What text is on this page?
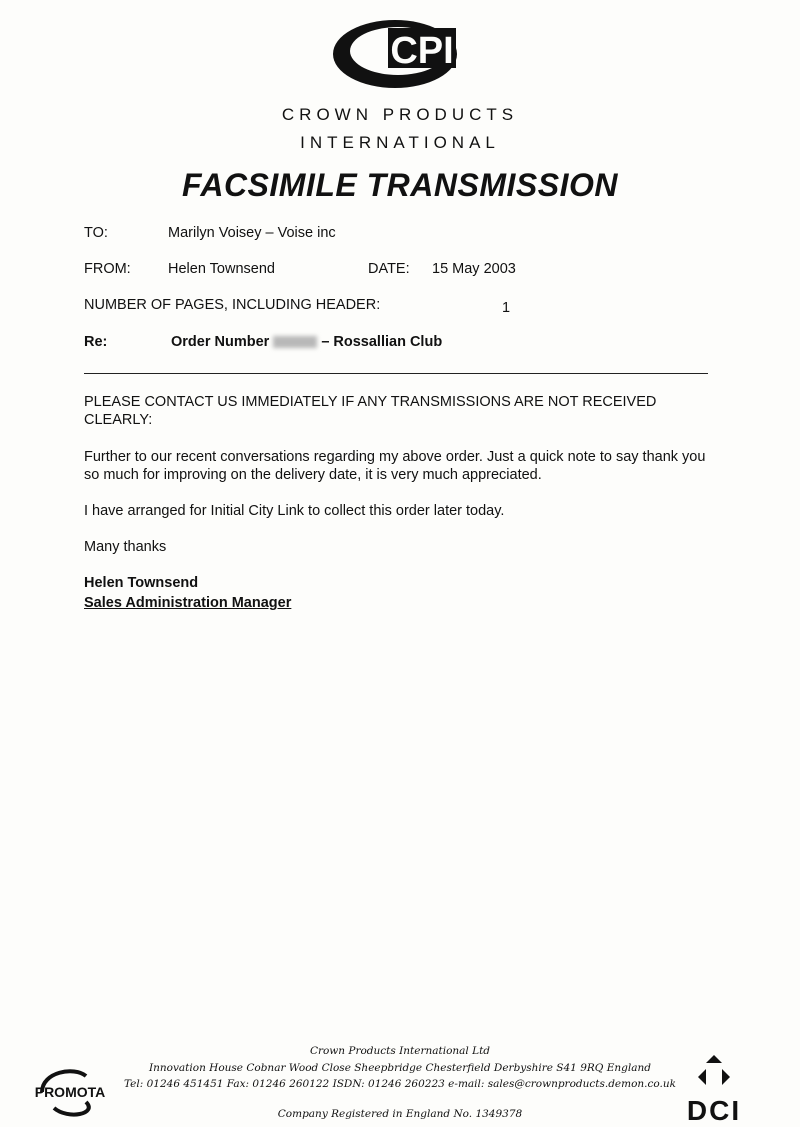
CPI
CROWN PRODUCTS
INTERNATIONAL
FACSIMILE TRANSMISSION
TO:	Marilyn Voisey – Voise inc
FROM:	Helen Townsend	DATE: 15 May 2003
NUMBER OF PAGES, INCLUDING HEADER:	1
Re:	Order Number	– Rossallian Club
PLEASE CONTACT US IMMEDIATELY IF ANY TRANSMISSIONS ARE NOT RECEIVED CLEARLY:
Further to our recent conversations regarding my above order. Just a quick note to say thank you so much for improving on the delivery date, it is very much appreciated.
I have arranged for Initial City Link to collect this order later today.
Many thanks
Helen Townsend
Sales Administration Manager
Crown Products International Ltd
Innovation House Cobnar Wood Close Sheepbridge Chesterfield Derbyshire S41 9RQ England
Tel: 01246 451451 Fax: 01246 260122 ISDN: 01246 260223 e-mail: sales@crownproducts.demon.co.uk
Company Registered in England No. 1349378
PROMOTA
DCI
